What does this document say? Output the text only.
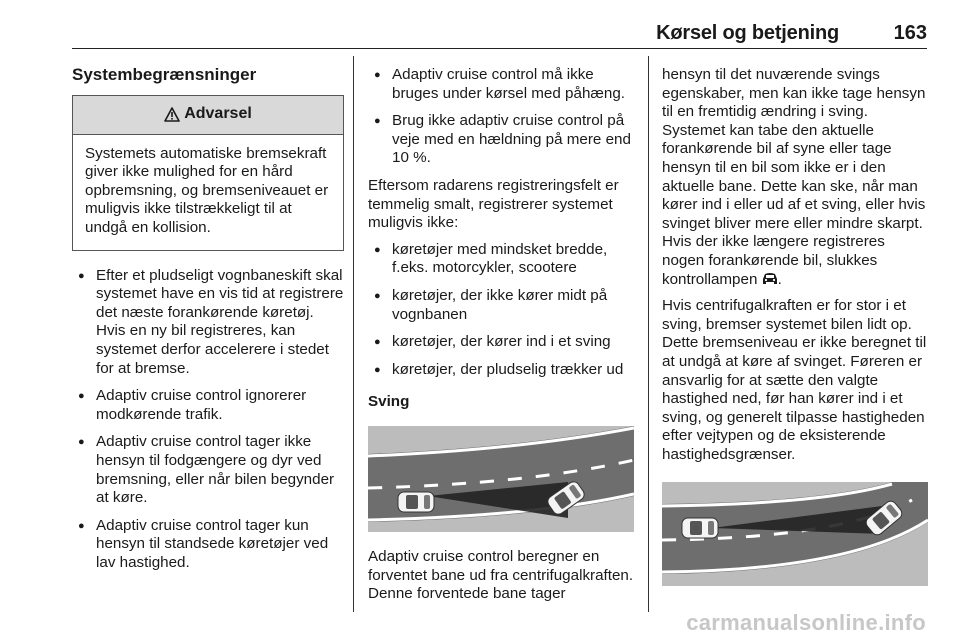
Kørsel og betjening	163
Systembegrænsninger
Advarsel
Systemets automatiske bremsekraft giver ikke mulighed for en hård opbremsning, og bremseniveauet er muligvis ikke tilstrækkeligt til at undgå en kollision.
● Efter et pludseligt vognbaneskift skal systemet have en vis tid at registrere det næste forankørende køretøj. Hvis en ny bil registreres, kan systemet derfor accelerere i stedet for at bremse.
● Adaptiv cruise control ignorerer modkørende trafik.
● Adaptiv cruise control tager ikke hensyn til fodgængere og dyr ved bremsning, eller når bilen begynder at køre.
● Adaptiv cruise control tager kun hensyn til standsede køretøjer ved lav hastighed.
● Adaptiv cruise control må ikke bruges under kørsel med påhæng.
● Brug ikke adaptiv cruise control på veje med en hældning på mere end 10 %.

Eftersom radarens registreringsfelt er temmelig smalt, registrerer systemet muligvis ikke:

● køretøjer med mindsket bredde, f.eks. motorcykler, scootere
● køretøjer, der ikke kører midt på vognbanen
● køretøjer, der kører ind i et sving
● køretøjer, der pludselig trækker ud
Sving

Adaptiv cruise control beregner en forventet bane ud fra centrifugalkraften. Denne forventede bane tager

hensyn til det nuværende svings egenskaber, men kan ikke tage hensyn til en fremtidig ændring i sving. Systemet kan tabe den aktuelle forankørende bil af syne eller tage hensyn til en bil som ikke er i den aktuelle bane. Dette kan ske, når man kører ind i eller ud af et sving, eller hvis svinget bliver mere eller mindre skarpt. Hvis der ikke længere registreres nogen forankørende bil, slukkes kontrollampen .

Hvis centrifugalkraften er for stor i et sving, bremser systemet bilen lidt op. Dette bremseniveau er ikke beregnet til at undgå at køre af svinget. Føreren er ansvarlig for at sætte den valgte hastighed ned, før han kører ind i et sving, og generelt tilpasse hastigheden efter vejtypen og de eksisterende hastighedsgrænser.

carmanualsonline.info
